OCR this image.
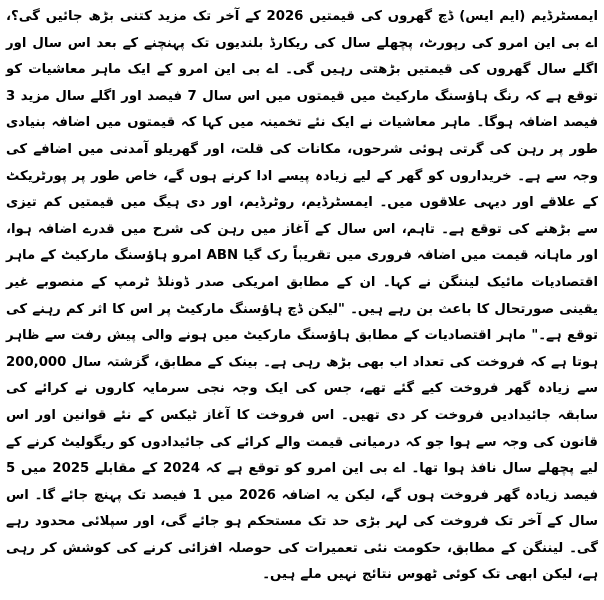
ایمسٹرڈیم (ایم ایس) ڈچ گھروں کی قیمتیں 2026 کے آخر تک مزید کتنی بڑھ جائیں گی؟، اے بی این امرو کی رپورٹ، پچھلے سال کی ریکارڈ بلندیوں تک پہنچنے کے بعد اس سال اور اگلے سال گھروں کی قیمتیں بڑھتی رہیں گی۔ اے بی این امرو کے ایک ماہر معاشیات کو توقع ہے کہ رنگ ہاؤسنگ مارکیٹ میں قیمتوں میں اس سال 7 فیصد اور اگلے سال مزید 3 فیصد اضافہ ہوگا۔ ماہر معاشیات نے ایک نئے تخمینہ میں کہا کہ قیمتوں میں اضافہ بنیادی طور پر رہن کی گرتی ہوئی شرحوں، مکانات کی قلت، اور گھریلو آمدنی میں اضافے کی وجہ سے ہے۔ خریداروں کو گھر کے لیے زیادہ پیسے ادا کرنے ہوں گے، خاص طور پر پورٹریکٹ کے علاقے اور دیہی علاقوں میں۔ ایمسٹرڈیم، روٹرڈیم، اور دی ہیگ میں قیمتیں کم تیزی سے بڑھنے کی توقع ہے۔ تاہم، اس سال کے آغاز میں رہن کی شرح میں قدرے اضافہ ہوا، اور ماہانہ قیمت میں اضافہ فروری میں تقریباً رک گیا ABN امرو ہاؤسنگ مارکیٹ کے ماہر اقتصادیات مائیک لیننگن نے کہا۔ ان کے مطابق امریکی صدر ڈونلڈ ٹرمپ کے منصوبے غیر یقینی صورتحال کا باعث بن رہے ہیں۔ "لیکن ڈچ ہاؤسنگ مارکیٹ پر اس کا اثر کم رہنے کی توقع ہے۔" ماہر اقتصادیات کے مطابق ہاؤسنگ مارکیٹ میں ہونے والی پیش رفت سے ظاہر ہوتا ہے کہ فروخت کی تعداد اب بھی بڑھ رہی ہے۔ بینک کے مطابق، گزشتہ سال 200,000 سے زیادہ گھر فروخت کیے گئے تھے، جس کی ایک وجہ نجی سرمایہ کاروں نے کرائے کی سابقہ جائیدادیں فروخت کر دی تھیں۔ اس فروخت کا آغاز ٹیکس کے نئے قوانین اور اس قانون کی وجہ سے ہوا جو کہ درمیانی قیمت والے کرائے کی جائیدادوں کو ریگولیٹ کرنے کے لیے پچھلے سال نافذ ہوا تھا۔ اے بی این امرو کو توقع ہے کہ 2024 کے مقابلے 2025 میں 5 فیصد زیادہ گھر فروخت ہوں گے، لیکن یہ اضافہ 2026 میں 1 فیصد تک پہنچ جائے گا۔ اس سال کے آخر تک فروخت کی لہر بڑی حد تک مستحکم ہو جائے گی، اور سپلائی محدود رہے گی۔ لیننگن کے مطابق، حکومت نئی تعمیرات کی حوصلہ افزائی کرنے کی کوشش کر رہی ہے، لیکن ابھی تک کوئی ٹھوس نتائج نہیں ملے ہیں۔
